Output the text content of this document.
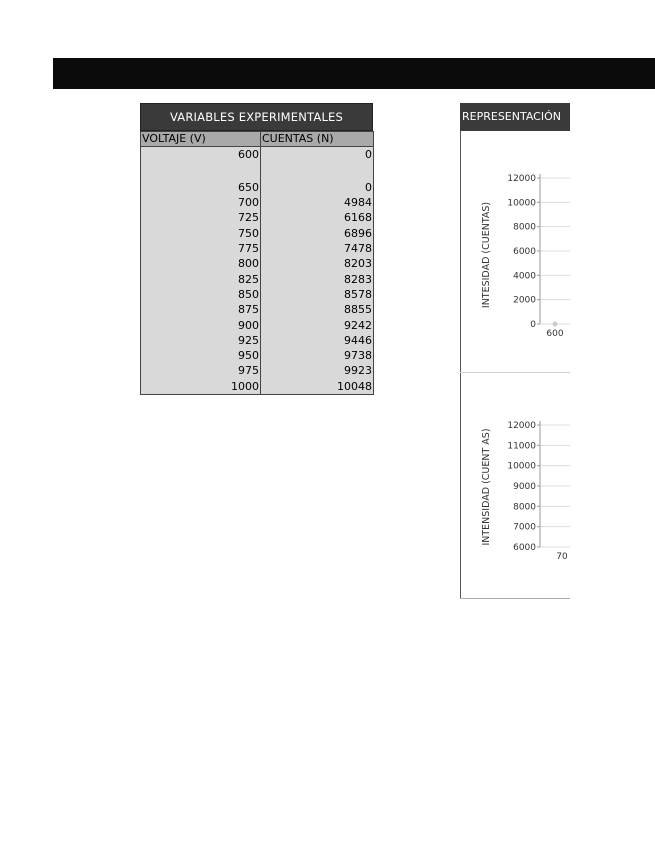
VARIABLES EXPERIMENTALES
VOLTAJE (V)	CUENTAS (N)
600	0
650	0
700	4984
725	6168
750	6896
775	7478
800	8203
825	8283
850	8578
875	8855
900	9242
925	9446
950	9738
975	9923
1000	10048
REPRESENTACIÓN
12000
10000
8000
6000
4000
2000
0
600
INTESIDAD (CUENTAS)
12000
11000
10000
9000
8000
7000
6000
70
INTENSIDAD (CUENT AS)
